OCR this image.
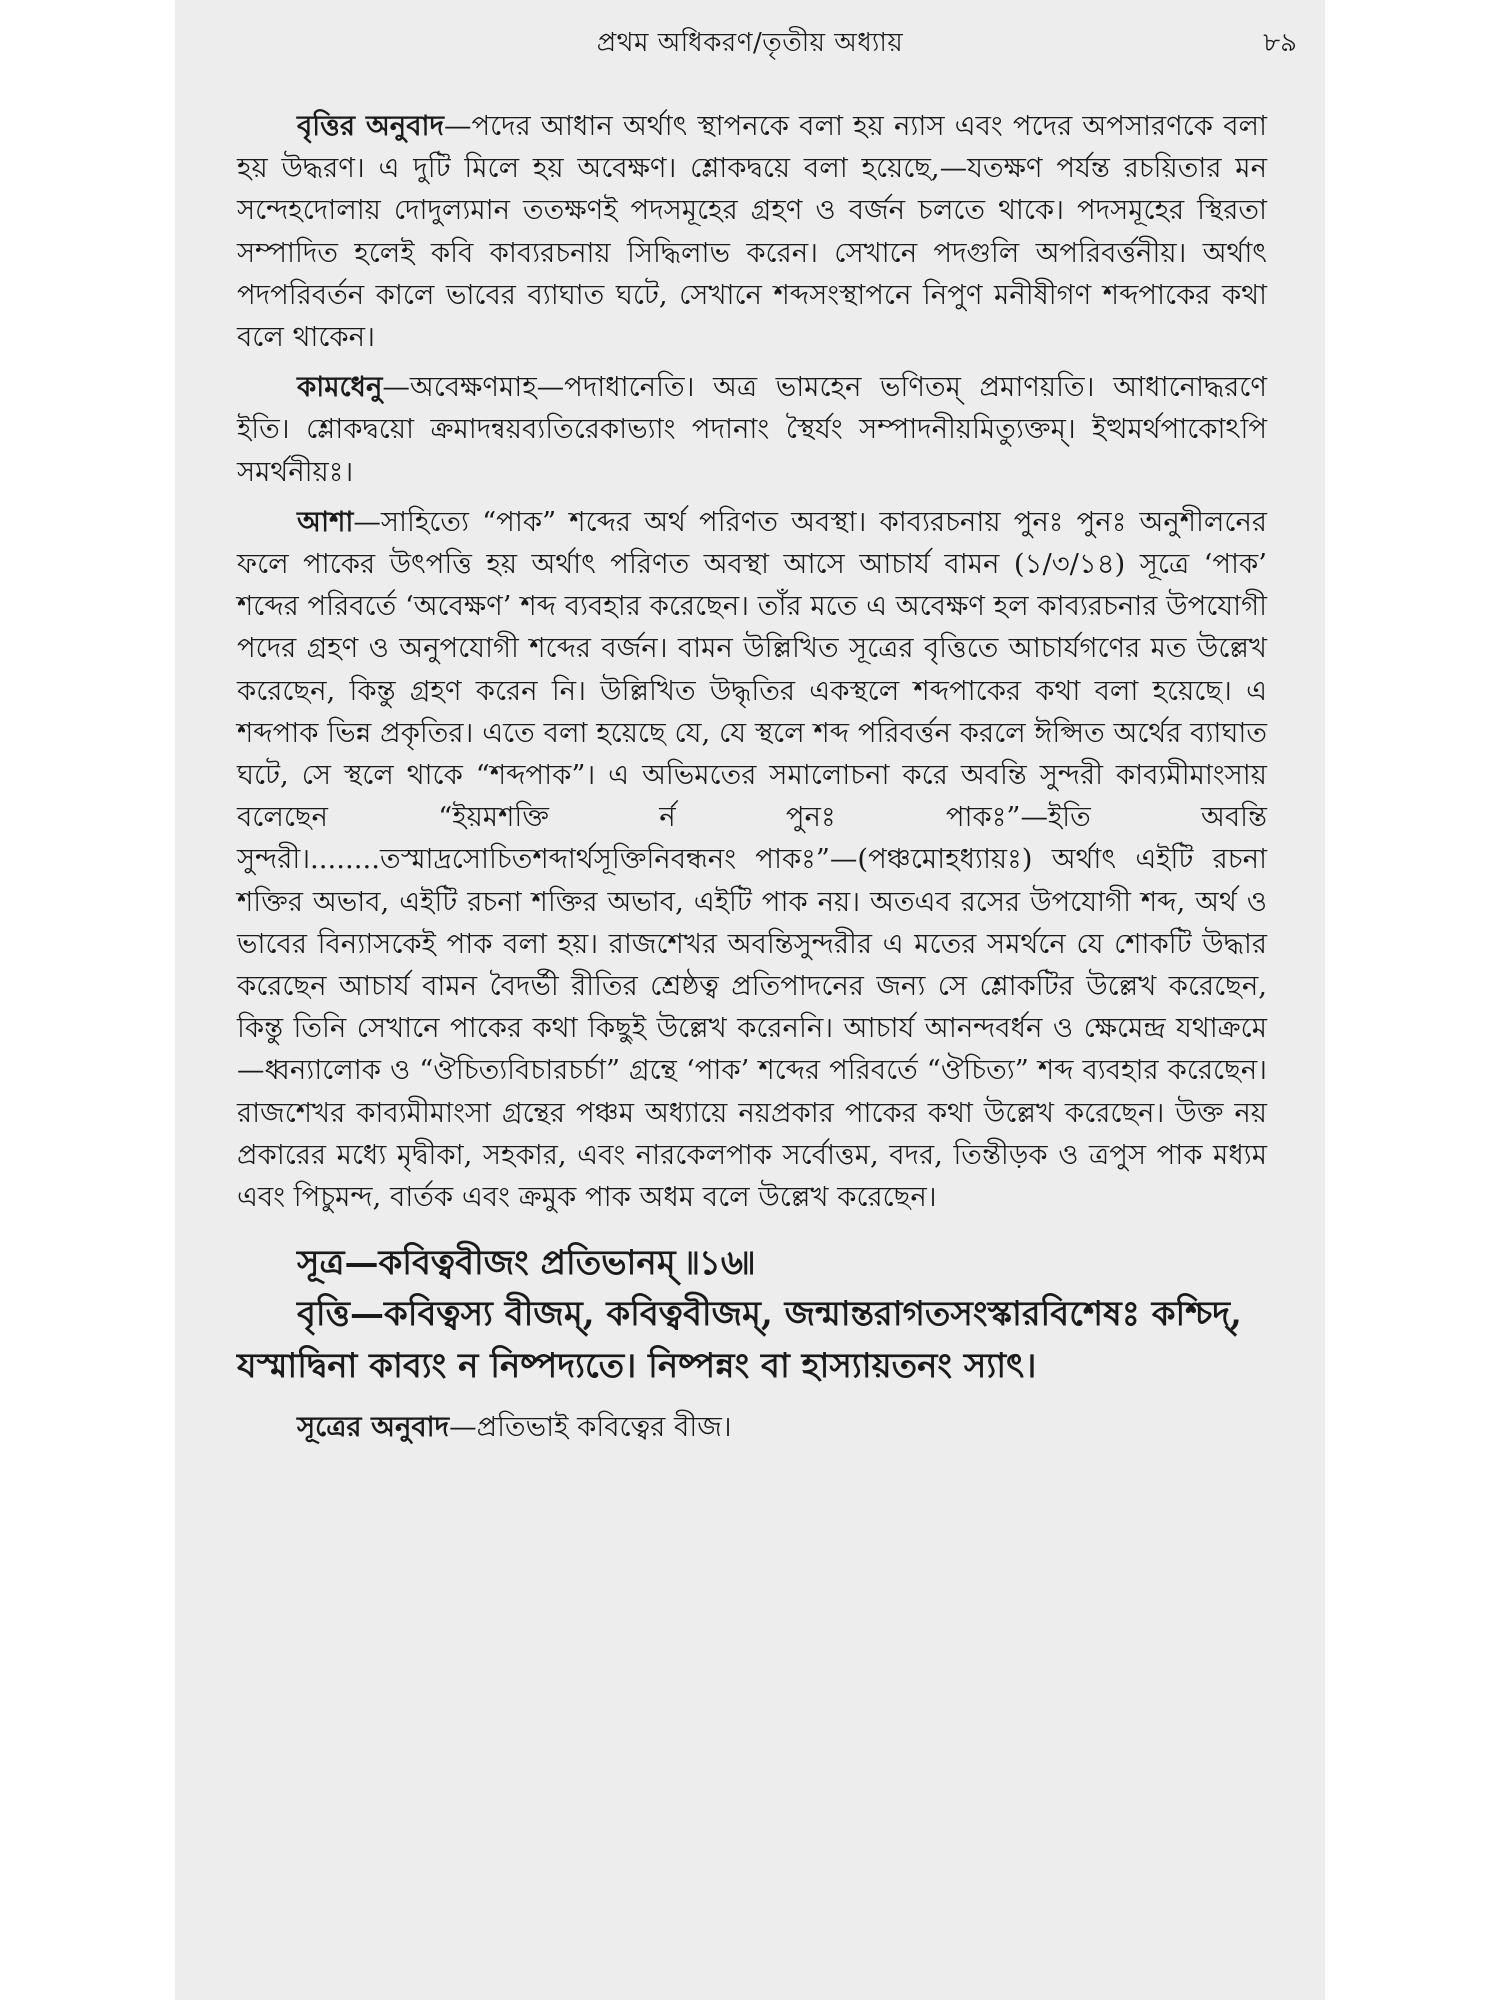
প্রথম অধিকরণ/তৃতীয় অধ্যায়	৮৯

বৃত্তির অনুবাদ—পদের আধান অর্থাৎ স্থাপনকে বলা হয় ন্যাস এবং পদের অপসারণকে বলা হয় উদ্ধরণ। এ দুটি মিলে হয় অবেক্ষণ। শ্লোকদ্বয়ে বলা হয়েছে,—যতক্ষণ পর্যন্ত রচয়িতার মন সন্দেহদোলায় দোদুল্যমান ততক্ষণই পদসমূহের গ্রহণ ও বর্জন চলতে থাকে। পদসমূহের স্থিরতা সম্পাদিত হলেই কবি কাব্যরচনায় সিদ্ধিলাভ করেন। সেখানে পদগুলি অপরিবর্ত্তনীয়। অর্থাৎ পদপরিবর্তন কালে ভাবের ব্যাঘাত ঘটে, সেখানে শব্দসংস্থাপনে নিপুণ মনীষীগণ শব্দপাকের কথা বলে থাকেন।

কামধেনু—অবেক্ষণমাহ—পদাধানেতি। অত্র ভামহেন ভণিতম্ প্রমাণয়তি। আধানোদ্ধরণে ইতি। শ্লোকদ্বয়ো ক্রমাদন্বয়ব্যতিরেকাভ্যাং পদানাং স্থৈর্যং সম্পাদনীয়মিত্যুক্তম্। ইত্থমর্থপাকোঽপি সমর্থনীয়ঃ।

আশা—সাহিত্যে “পাক” শব্দের অর্থ পরিণত অবস্থা। কাব্যরচনায় পুনঃ পুনঃ অনুশীলনের ফলে পাকের উৎপত্তি হয় অর্থাৎ পরিণত অবস্থা আসে আচার্য বামন (১/৩/১৪) সূত্রে ‘পাক’ শব্দের পরিবর্তে ‘অবেক্ষণ’ শব্দ ব্যবহার করেছেন। তাঁর মতে এ অবেক্ষণ হল কাব্যরচনার উপযোগী পদের গ্রহণ ও অনুপযোগী শব্দের বর্জন। বামন উল্লিখিত সূত্রের বৃত্তিতে আচার্যগণের মত উল্লেখ করেছেন, কিন্তু গ্রহণ করেন নি। উল্লিখিত উদ্ধৃতির একস্থলে শব্দপাকের কথা বলা হয়েছে। এ শব্দপাক ভিন্ন প্রকৃতির। এতে বলা হয়েছে যে, যে স্থলে শব্দ পরিবর্ত্তন করলে ঈপ্সিত অর্থের ব্যাঘাত ঘটে, সে স্থলে থাকে “শব্দপাক”। এ অভিমতের সমালোচনা করে অবন্তি সুন্দরী কাব্যমীমাংসায় বলেছেন “ইয়মশক্তি র্ন পুনঃ পাকঃ”—ইতি অবন্তি সুন্দরী।........তস্মাদ্রসোচিতশব্দার্থসূক্তিনিবন্ধনং পাকঃ”—(পঞ্চমোহধ্যায়ঃ) অর্থাৎ এইটি রচনা শক্তির অভাব, এইটি রচনা শক্তির অভাব, এইটি পাক নয়। অতএব রসের উপযোগী শব্দ, অর্থ ও ভাবের বিন্যাসকেই পাক বলা হয়। রাজশেখর অবন্তিসুন্দরীর এ মতের সমর্থনে যে শোকটি উদ্ধার করেছেন আচার্য বামন বৈদর্ভী রীতির শ্রেষ্ঠত্ব প্রতিপাদনের জন্য সে শ্লোকটির উল্লেখ করেছেন, কিন্তু তিনি সেখানে পাকের কথা কিছুই উল্লেখ করেননি। আচার্য আনন্দবর্ধন ও ক্ষেমেন্দ্র যথাক্রমে—ধ্বন্যালোক ও “ঔচিত্যবিচারচর্চা” গ্রন্থে ‘পাক’ শব্দের পরিবর্তে “ঔচিত্য” শব্দ ব্যবহার করেছেন। রাজশেখর কাব্যমীমাংসা গ্রন্থের পঞ্চম অধ্যায়ে নয়প্রকার পাকের কথা উল্লেখ করেছেন। উক্ত নয় প্রকারের মধ্যে মৃদ্বীকা, সহকার, এবং নারকেলপাক সর্বোত্তম, বদর, তিন্তীড়ক ও ত্রপুস পাক মধ্যম এবং পিচুমন্দ, বার্তক এবং ক্রমুক পাক অধম বলে উল্লেখ করেছেন।

সূত্র—কবিত্ববীজং প্রতিভানম্ ৷৷১৬৷৷
বৃত্তি—কবিত্বস্য বীজম্, কবিত্ববীজম্, জন্মান্তরাগতসংস্কারবিশেষঃ কশ্চিদ্, যস্মাদ্বিনা কাব্যং ন নিষ্পদ্যতে। নিষ্পন্নং বা হাস্যায়তনং স্যাৎ।

সূত্রের অনুবাদ—প্রতিভাই কবিত্বের বীজ।
